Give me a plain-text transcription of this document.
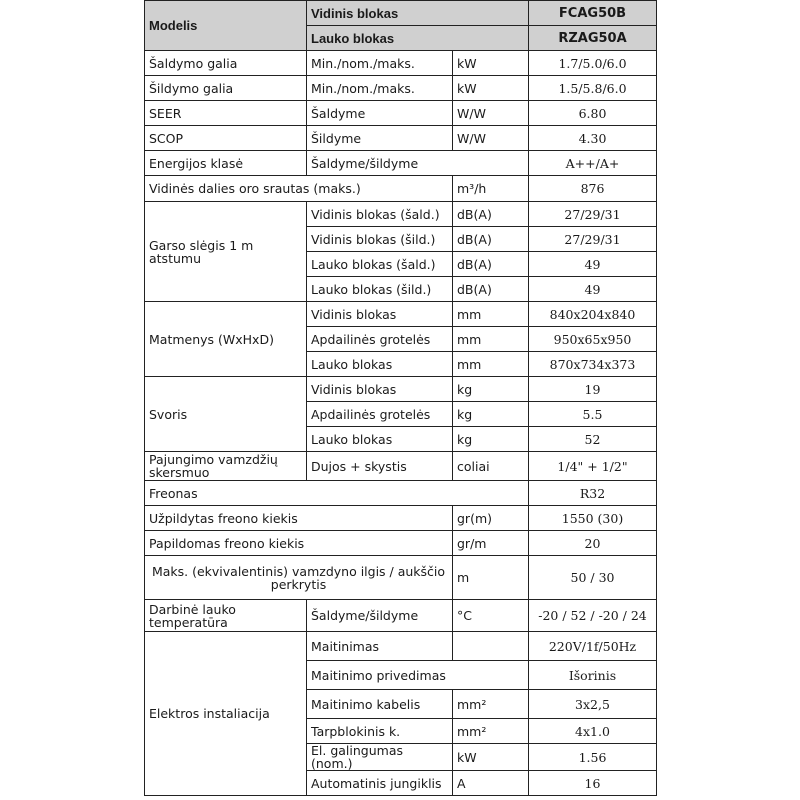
Modelis	Vidinis blokas		FCAG50B
	Lauko blokas		RZAG50A
Šaldymo galia	Min./nom./maks.	kW	1.7/5.0/6.0
Šildymo galia	Min./nom./maks.	kW	1.5/5.8/6.0
SEER	Šaldyme	W/W	6.80
SCOP	Šildyme	W/W	4.30
Energijos klasė	Šaldyme/šildyme		A++/A+
Vidinės dalies oro srautas (maks.)		m³/h	876
Garso slėgis 1 m atstumu	Vidinis blokas (šald.)	dB(A)	27/29/31
	Vidinis blokas (šild.)	dB(A)	27/29/31
	Lauko blokas (šald.)	dB(A)	49
	Lauko blokas (šild.)	dB(A)	49
Matmenys (WxHxD)	Vidinis blokas	mm	840x204x840
	Apdailinės grotelės	mm	950x65x950
	Lauko blokas	mm	870x734x373
Svoris	Vidinis blokas	kg	19
	Apdailinės grotelės	kg	5.5
	Lauko blokas	kg	52
Pajungimo vamzdžių skersmuo	Dujos + skystis	coliai	1/4" + 1/2"
Freonas			R32
Užpildytas freono kiekis		gr(m)	1550 (30)
Papildomas freono kiekis		gr/m	20
Maks. (ekvivalentinis) vamzdyno ilgis / aukščio perkrytis		m	50 / 30
Darbinė lauko temperatūra	Šaldyme/šildyme	°C	-20 / 52 / -20 / 24
Elektros instaliacija	Maitinimas		220V/1f/50Hz
	Maitinimo privedimas		Išorinis
	Maitinimo kabelis	mm²	3x2,5
	Tarpblokinis k.	mm²	4x1.0
	El. galingumas (nom.)	kW	1.56
	Automatinis jungiklis	A	16
